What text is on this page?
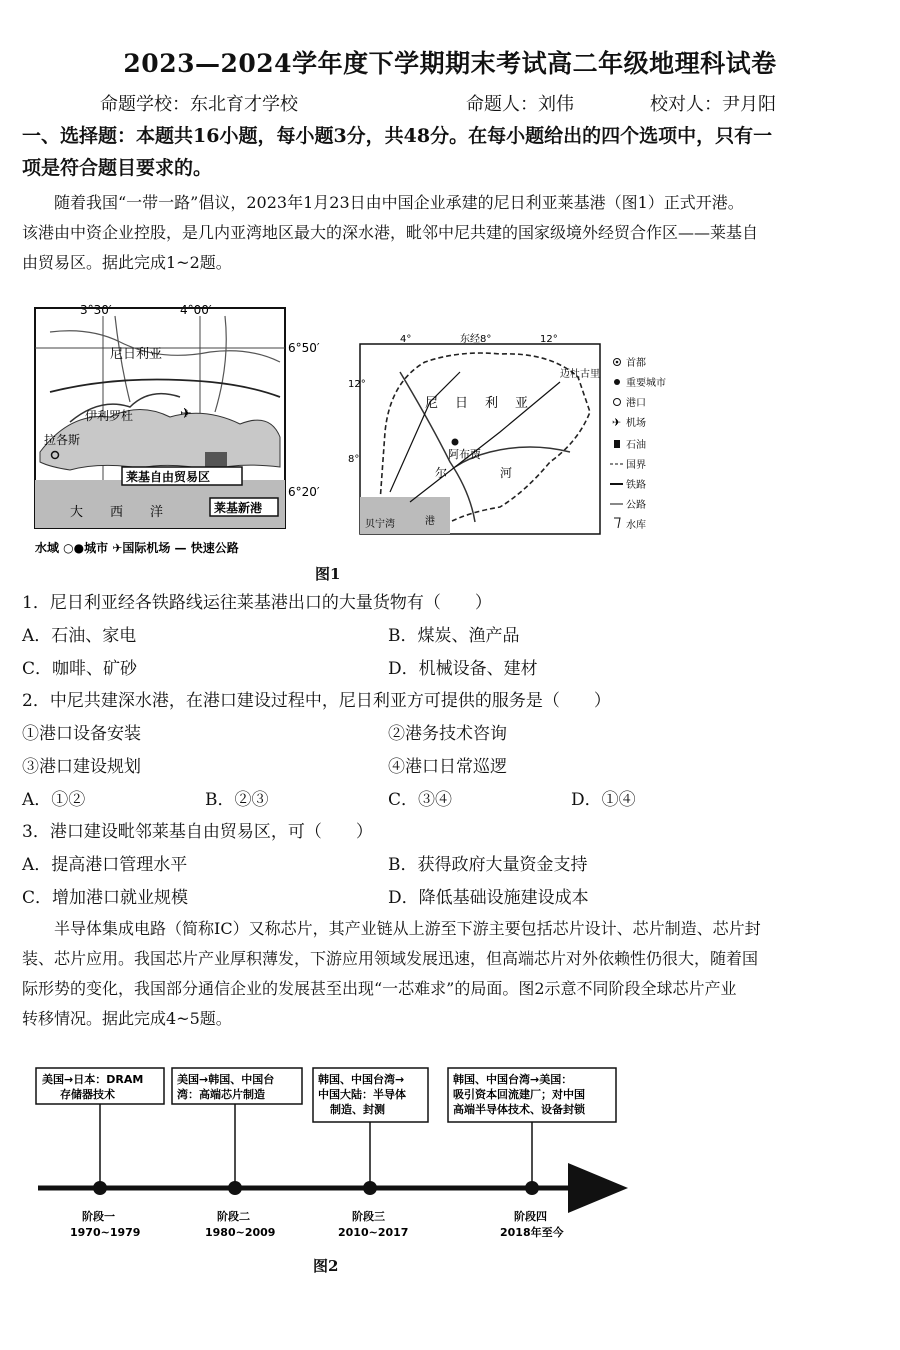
2023—2024学年度下学期期末考试高二年级地理科试卷
命题学校：东北育才学校	命题人：刘伟	校对人：尹月阳
一、选择题：本题共16小题，每小题3分，共48分。在每小题给出的四个选项中，只有一
项是符合题目要求的。
随着我国“一带一路”倡议，2023年1月23日由中国企业承建的尼日利亚莱基港（图1）正式开港。
该港由中资企业控股，是几内亚湾地区最大的深水港，毗邻中尼共建的国家级境外经贸合作区——莱基自
由贸易区。据此完成1~2题。
3°30′	4°00′
6°50′
6°20′
尼日利亚
伊利罗杜
拉各斯
✈
莱基自由贸易区
大 西 洋	莱基新港
水域 ○●城市 ✈国际机场 — 快速公路
4°	东经8°	12°
12°
8°
尼 日 利 亚
阿布贾
迈杜古里
尔	河
贝宁湾	港
首都
重要城市
港口
✈ 机场
石油
国界
铁路
公路
水库
图1
1．尼日利亚经各铁路线运往莱基港出口的大量货物有（　　）
A．石油、家电	B．煤炭、渔产品
C．咖啡、矿砂	D．机械设备、建材
2．中尼共建深水港，在港口建设过程中，尼日利亚方可提供的服务是（　　）
①港口设备安装	②港务技术咨询
③港口建设规划	④港口日常巡逻
A．①②	B．②③	C．③④	D．①④
3．港口建设毗邻莱基自由贸易区，可（　　）
A．提高港口管理水平	B．获得政府大量资金支持
C．增加港口就业规模	D．降低基础设施建设成本
半导体集成电路（简称IC）又称芯片，其产业链从上游至下游主要包括芯片设计、芯片制造、芯片封
装、芯片应用。我国芯片产业厚积薄发，下游应用领域发展迅速，但高端芯片对外依赖性仍很大，随着国
际形势的变化，我国部分通信企业的发展甚至出现“一芯难求”的局面。图2示意不同阶段全球芯片产业
转移情况。据此完成4~5题。
美国→日本：DRAM
存储器技术
美国→韩国、中国台
湾：高端芯片制造
韩国、中国台湾→
中国大陆：半导体
制造、封测
韩国、中国台湾→美国：
吸引资本回流建厂；对中国
高端半导体技术、设备封锁
阶段一
1970~1979
阶段二
1980~2009
阶段三
2010~2017
阶段四
2018年至今
图2
